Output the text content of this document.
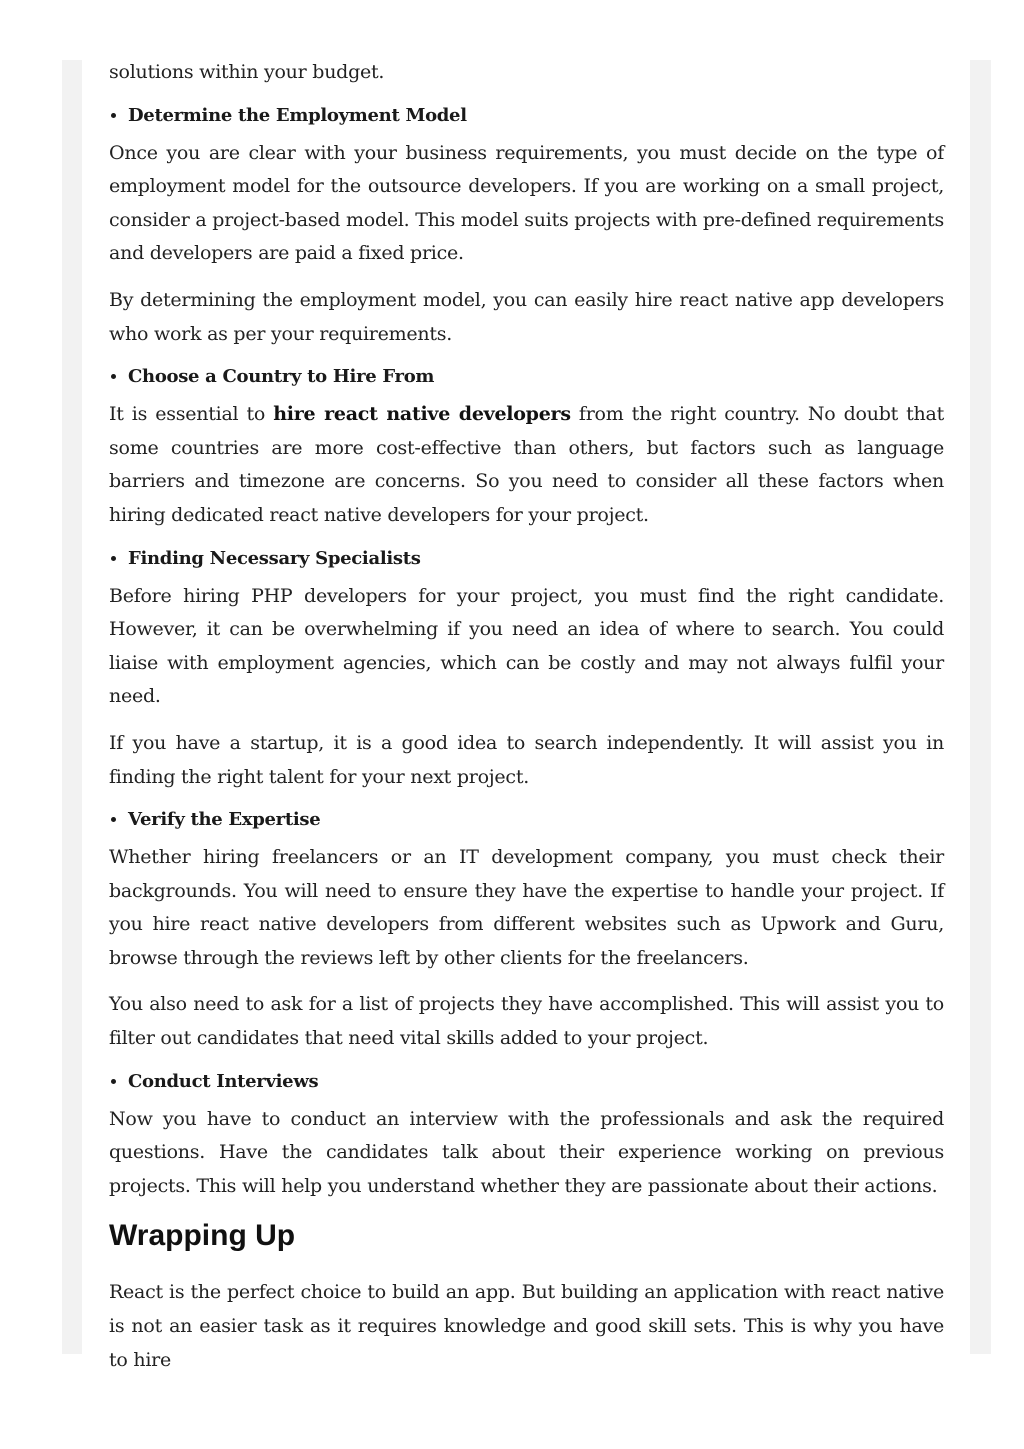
solutions within your budget.

• Determine the Employment Model

Once you are clear with your business requirements, you must decide on the type of employment model for the outsource developers. If you are working on a small project, consider a project-based model. This model suits projects with pre-defined requirements and developers are paid a fixed price.

By determining the employment model, you can easily hire react native app developers who work as per your requirements.

• Choose a Country to Hire From

It is essential to hire react native developers from the right country. No doubt that some countries are more cost-effective than others, but factors such as language barriers and timezone are concerns. So you need to consider all these factors when hiring dedicated react native developers for your project.

• Finding Necessary Specialists

Before hiring PHP developers for your project, you must find the right candidate. However, it can be overwhelming if you need an idea of where to search. You could liaise with employment agencies, which can be costly and may not always fulfil your need.

If you have a startup, it is a good idea to search independently. It will assist you in finding the right talent for your next project.

• Verify the Expertise

Whether hiring freelancers or an IT development company, you must check their backgrounds. You will need to ensure they have the expertise to handle your project. If you hire react native developers from different websites such as Upwork and Guru, browse through the reviews left by other clients for the freelancers.

You also need to ask for a list of projects they have accomplished. This will assist you to filter out candidates that need vital skills added to your project.

• Conduct Interviews

Now you have to conduct an interview with the professionals and ask the required questions. Have the candidates talk about their experience working on previous projects. This will help you understand whether they are passionate about their actions.

Wrapping Up

React is the perfect choice to build an app. But building an application with react native is not an easier task as it requires knowledge and good skill sets. This is why you have to hire
